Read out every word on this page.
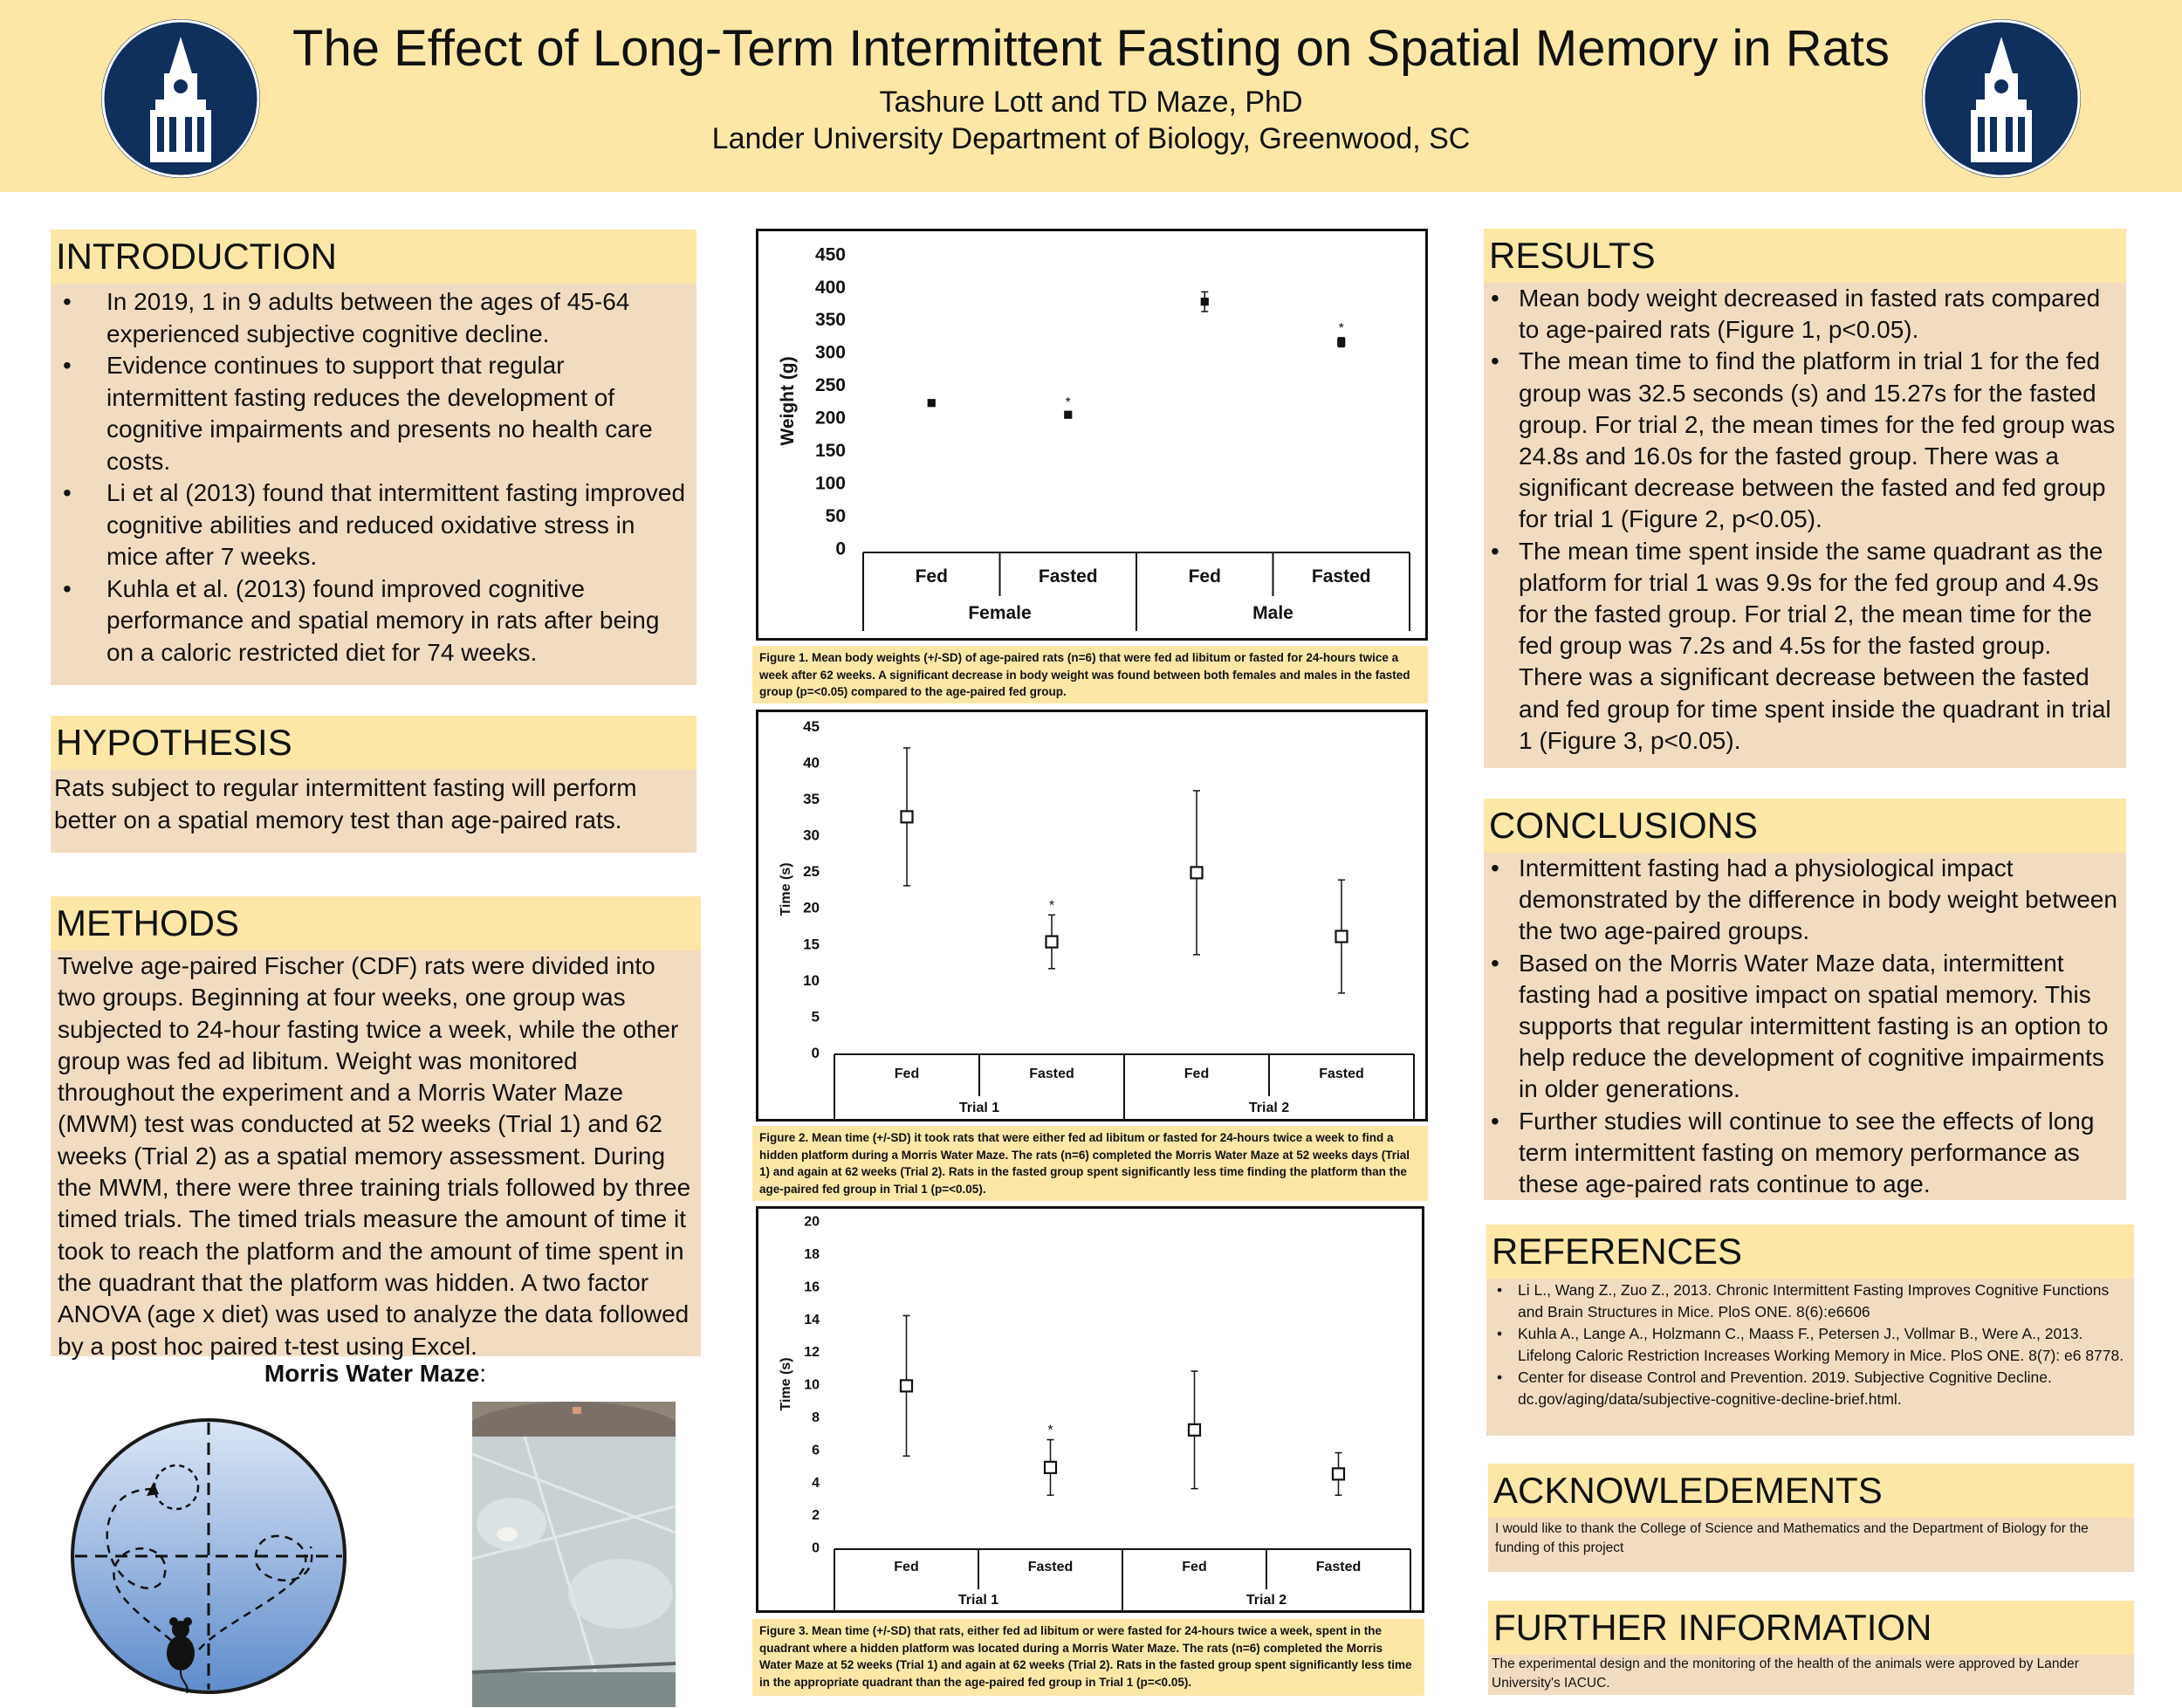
The Effect of Long-Term Intermittent Fasting on Spatial Memory in Rats
Tashure Lott and TD Maze, PhD
Lander University Department of Biology, Greenwood, SC
INTRODUCTION
• In 2019, 1 in 9 adults between the ages of 45-64 experienced subjective cognitive decline.
• Evidence continues to support that regular intermittent fasting reduces the development of cognitive impairments and presents no health care costs.
• Li et al (2013) found that intermittent fasting improved cognitive abilities and reduced oxidative stress in mice after 7 weeks.
• Kuhla et al. (2013) found improved cognitive performance and spatial memory in rats after being on a caloric restricted diet for 74 weeks.
HYPOTHESIS
Rats subject to regular intermittent fasting will perform better on a spatial memory test than age-paired rats.
METHODS
Twelve age-paired Fischer (CDF) rats were divided into two groups. Beginning at four weeks, one group was subjected to 24-hour fasting twice a week, while the other group was fed ad libitum. Weight was monitored throughout the experiment and a Morris Water Maze (MWM) test was conducted at 52 weeks (Trial 1) and 62 weeks (Trial 2) as a spatial memory assessment. During the MWM, there were three training trials followed by three timed trials. The timed trials measure the amount of time it took to reach the platform and the amount of time spent in the quadrant that the platform was hidden. A two factor ANOVA (age x diet) was used to analyze the data followed by a post hoc paired t-test using Excel.
Morris Water Maze:
0
50
100
150
200
250
300
350
400
450
Weight (g)
Fed	Fasted	Fed	Fasted
Female	Male
*
*
Figure 1. Mean body weights (+/-SD) of age-paired rats (n=6) that were fed ad libitum or fasted for 24-hours twice a week after 62 weeks. A significant decrease in body weight was found between both females and males in the fasted group (p=<0.05) compared to the age-paired fed group.
0
5
10
15
20
25
30
35
40
45
Time (s)
Fed	Fasted	Fed	Fasted
Trial 1	Trial 2
*
Figure 2. Mean time (+/-SD) it took rats that were either fed ad libitum or fasted for 24-hours twice a week to find a hidden platform during a Morris Water Maze. The rats (n=6) completed the Morris Water Maze at 52 weeks days (Trial 1) and again at 62 weeks (Trial 2). Rats in the fasted group spent significantly less time finding the platform than the age-paired fed group in Trial 1 (p=<0.05).
0
2
4
6
8
10
12
14
16
18
20
Time (s)
Fed	Fasted	Fed	Fasted
Trial 1	Trial 2
*
Figure 3. Mean time (+/-SD) that rats, either fed ad libitum or were fasted for 24-hours twice a week, spent in the quadrant where a hidden platform was located during a Morris Water Maze. The rats (n=6) completed the Morris Water Maze at 52 weeks (Trial 1) and again at 62 weeks (Trial 2). Rats in the fasted group spent significantly less time in the appropriate quadrant than the age-paired fed group in Trial 1 (p=<0.05).
RESULTS
• Mean body weight decreased in fasted rats compared to age-paired rats (Figure 1, p<0.05).
• The mean time to find the platform in trial 1 for the fed group was 32.5 seconds (s) and 15.27s for the fasted group. For trial 2, the mean times for the fed group was 24.8s and 16.0s for the fasted group. There was a significant decrease between the fasted and fed group for trial 1 (Figure 2, p<0.05).
• The mean time spent inside the same quadrant as the platform for trial 1 was 9.9s for the fed group and 4.9s for the fasted group. For trial 2, the mean time for the fed group was 7.2s and 4.5s for the fasted group. There was a significant decrease between the fasted and fed group for time spent inside the quadrant in trial 1 (Figure 3, p<0.05).
CONCLUSIONS
• Intermittent fasting had a physiological impact demonstrated by the difference in body weight between the two age-paired groups.
• Based on the Morris Water Maze data, intermittent fasting had a positive impact on spatial memory. This supports that regular intermittent fasting is an option to help reduce the development of cognitive impairments in older generations.
• Further studies will continue to see the effects of long term intermittent fasting on memory performance as these age-paired rats continue to age.
REFERENCES
• Li L., Wang Z., Zuo Z., 2013. Chronic Intermittent Fasting Improves Cognitive Functions and Brain Structures in Mice. PloS ONE. 8(6):e6606
• Kuhla A., Lange A., Holzmann C., Maass F., Petersen J., Vollmar B., Were A., 2013. Lifelong Caloric Restriction Increases Working Memory in Mice. PloS ONE. 8(7): e6 8778.
• Center for disease Control and Prevention. 2019. Subjective Cognitive Decline. dc.gov/aging/data/subjective-cognitive-decline-brief.html.
ACKNOWLEDEMENTS
I would like to thank the College of Science and Mathematics and the Department of Biology for the funding of this project
FURTHER INFORMATION
The experimental design and the monitoring of the health of the animals were approved by Lander University's IACUC.
